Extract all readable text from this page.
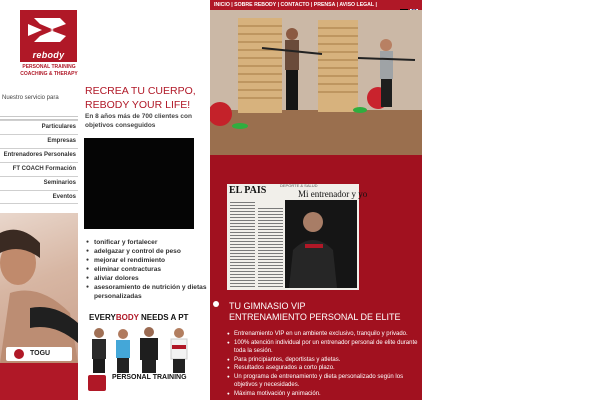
rebody
PERSONAL TRAINING
COACHING & THERAPY
Nuestro servicio para
Particulares
Empresas
Entrenadores Personales
FT COACH Formación
Seminarios
Eventos
TOGU
RECREA TU CUERPO,
REBODY YOUR LIFE!
En 8 años más de 700 clientes con objetivos conseguidos
● tonificar y fortalecer
● adelgazar y control de peso
● mejorar el rendimiento
● eliminar contracturas
● aliviar dolores
● asesoramiento de nutrición y dietas personalizadas
EVERYBODY NEEDS A PT
PERSONAL TRAINING
INICIO | SOBRE REBODY | CONTACTO | PRENSA | AVISO LEGAL |
EL PAIS	DEPORTE & SALUD
Mi entrenador y yo
TU GIMNASIO VIP
ENTRENAMIENTO PERSONAL DE ELITE
● Entrenamiento VIP en un ambiente exclusivo, tranquilo y privado.
● 100% atención individual por un entrenador personal de elite durante toda la sesión.
● Para principiantes, deportistas y atletas.
● Resultados asegurados a corto plazo.
● Un programa de entrenamiento y dieta personalizado según los objetivos y necesidades.
● Máxima motivación y animación.
